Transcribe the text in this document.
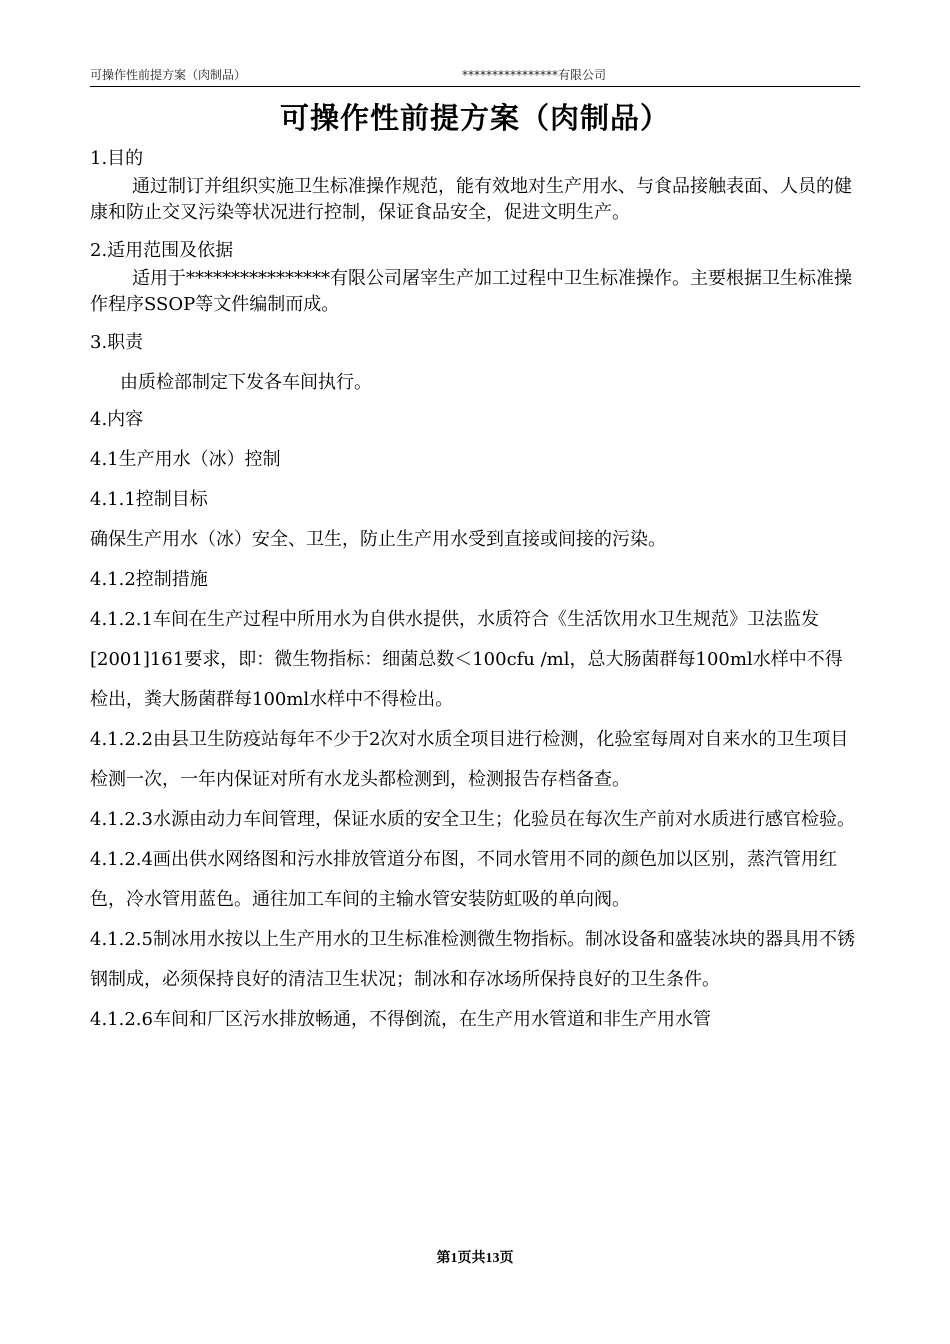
可操作性前提方案（肉制品）	****************有限公司
可操作性前提方案（肉制品）

1.目的

通过制订并组织实施卫生标准操作规范，能有效地对生产用水、与食品接触表面、人员的健康和防止交叉污染等状况进行控制，保证食品安全，促进文明生产。

2.适用范围及依据

适用于****************有限公司屠宰生产加工过程中卫生标准操作。主要根据卫生标准操作程序SSOP等文件编制而成。

3.职责

由质检部制定下发各车间执行。

4.内容

4.1生产用水（冰）控制

4.1.1控制目标

确保生产用水（冰）安全、卫生，防止生产用水受到直接或间接的污染。

4.1.2控制措施

4.1.2.1车间在生产过程中所用水为自供水提供，水质符合《生活饮用水卫生规范》卫法监发[2001]161要求，即：微生物指标：细菌总数＜100cfu /ml，总大肠菌群每100ml水样中不得检出，粪大肠菌群每100ml水样中不得检出。

4.1.2.2由县卫生防疫站每年不少于2次对水质全项目进行检测，化验室每周对自来水的卫生项目检测一次，一年内保证对所有水龙头都检测到，检测报告存档备查。

4.1.2.3水源由动力车间管理，保证水质的安全卫生；化验员在每次生产前对水质进行感官检验。

4.1.2.4画出供水网络图和污水排放管道分布图，不同水管用不同的颜色加以区别，蒸汽管用红色，冷水管用蓝色。通往加工车间的主输水管安装防虹吸的单向阀。

4.1.2.5制冰用水按以上生产用水的卫生标准检测微生物指标。制冰设备和盛装冰块的器具用不锈钢制成，必须保持良好的清洁卫生状况；制冰和存冰场所保持良好的卫生条件。

4.1.2.6车间和厂区污水排放畅通，不得倒流，在生产用水管道和非生产用水管

第1页共13页
